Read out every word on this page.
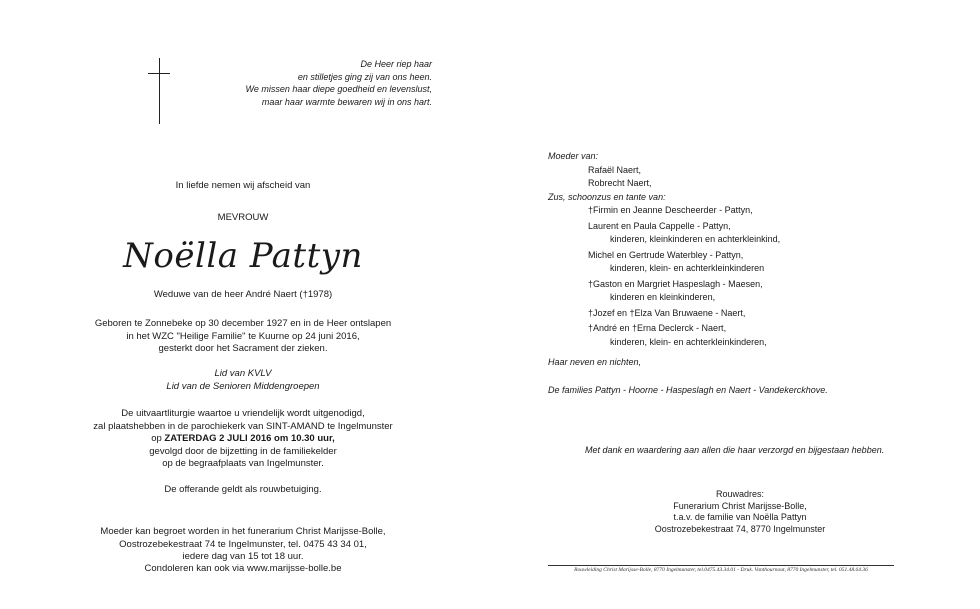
De Heer riep haar
en stilletjes ging zij van ons heen.
We missen haar diepe goedheid en levenslust,
maar haar warmte bewaren wij in ons hart.
In liefde nemen wij afscheid van
MEVROUW
Noëlla Pattyn
Weduwe van de heer André Naert (†1978)
Geboren te Zonnebeke op 30 december 1927 en in de Heer ontslapen
in het WZC "Heilige Familie" te Kuurne op 24 juni 2016,
gesterkt door het Sacrament der zieken.
Lid van KVLV
Lid van de Senioren Middengroepen
De uitvaartliturgie waartoe u vriendelijk wordt uitgenodigd,
zal plaatshebben in de parochiekerk van SINT-AMAND te Ingelmunster
op ZATERDAG 2 JULI 2016 om 10.30 uur,
gevolgd door de bijzetting in de familiekelder
op de begraafplaats van Ingelmunster.
De offerande geldt als rouwbetuiging.
Moeder kan begroet worden in het funerarium Christ Marijsse-Bolle,
Oostrozebekestraat 74 te Ingelmunster, tel. 0475 43 34 01,
iedere dag van 15 tot 18 uur.
Condoleren kan ook via www.marijsse-bolle.be
Moeder van:
Rafaël Naert,
Robrecht Naert,
Zus, schoonzus en tante van:
†Firmin en Jeanne Descheerder - Pattyn,
Laurent en Paula Cappelle - Pattyn,
kinderen, kleinkinderen en achterkleinkind,
Michel en Gertrude Waterbley - Pattyn,
kinderen, klein- en achterkleinkinderen
†Gaston en Margriet Haspeslagh - Maesen,
kinderen en kleinkinderen,
†Jozef en †Elza Van Bruwaene - Naert,
†André en †Erna Declerck - Naert,
kinderen, klein- en achterkleinkinderen,
Haar neven en nichten,
De families Pattyn - Hoorne - Haspeslagh en Naert - Vandekerckhove.
Met dank en waardering aan allen die haar verzorgd en bijgestaan hebben.
Rouwadres:
Funerarium Christ Marijsse-Bolle,
t.a.v. de familie van Noëlla Pattyn
Oostrozebekestraat 74, 8770 Ingelmunster
Rouwleiding Christ Marijsse-Bolle, 8770 Ingelmunster, tel.0475.43.34.01 - Druk. Vanthournout, 8770 Ingelmunster, tel. 051.48.64.36
